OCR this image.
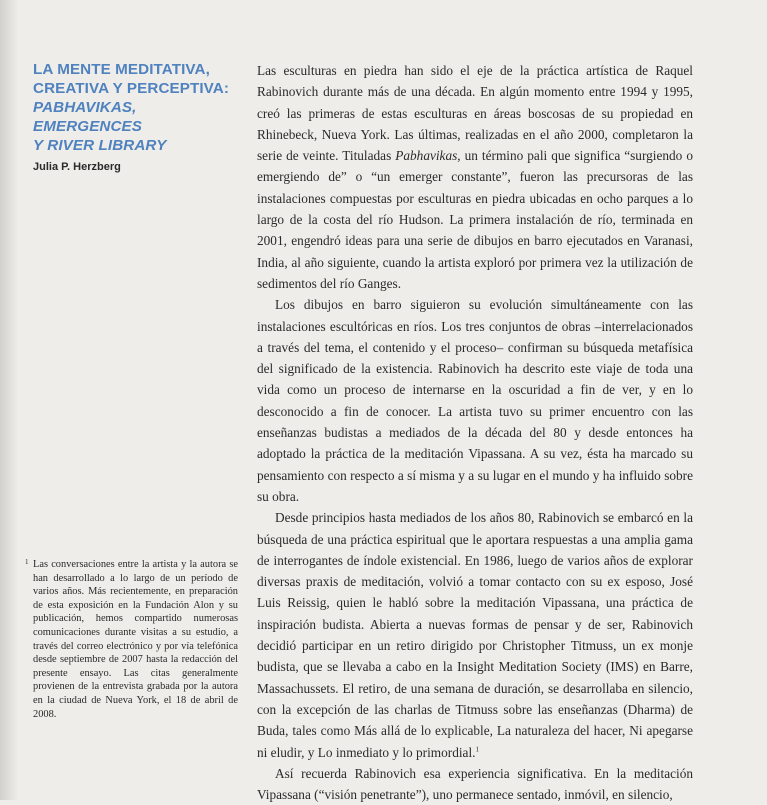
LA MENTE MEDITATIVA,
CREATIVA Y PERCEPTIVA:
PABHAVIKAS,
EMERGENCES
Y RIVER LIBRARY
Julia P. Herzberg
1 Las conversaciones entre la artista y la autora se han desarrollado a lo largo de un período de varios años. Más recientemente, en preparación de esta exposición en la Fundación Alon y su publicación, hemos compartido numerosas comunicaciones durante visitas a su estudio, a través del correo electrónico y por vía telefónica desde septiembre de 2007 hasta la redacción del presente ensayo. Las citas generalmente provienen de la entrevista grabada por la autora en la ciudad de Nueva York, el 18 de abril de 2008.

Las esculturas en piedra han sido el eje de la práctica artística de Raquel Rabinovich durante más de una década. En algún momento entre 1994 y 1995, creó las primeras de estas esculturas en áreas boscosas de su propiedad en Rhinebeck, Nueva York. Las últimas, realizadas en el año 2000, completaron la serie de veinte. Tituladas Pabhavikas, un término pali que significa “surgiendo o emergiendo de” o “un emerger constante”, fueron las precursoras de las instalaciones compuestas por esculturas en piedra ubicadas en ocho parques a lo largo de la costa del río Hudson. La primera instalación de río, terminada en 2001, engendró ideas para una serie de dibujos en barro ejecutados en Varanasi, India, al año siguiente, cuando la artista exploró por primera vez la utilización de sedimentos del río Ganges.

Los dibujos en barro siguieron su evolución simultáneamente con las instalaciones escultóricas en ríos. Los tres conjuntos de obras –interrelacionados a través del tema, el contenido y el proceso– confirman su búsqueda metafísica del significado de la existencia. Rabinovich ha descrito este viaje de toda una vida como un proceso de internarse en la oscuridad a fin de ver, y en lo desconocido a fin de conocer. La artista tuvo su primer encuentro con las enseñanzas budistas a mediados de la década del 80 y desde entonces ha adoptado la práctica de la meditación Vipassana. A su vez, ésta ha marcado su pensamiento con respecto a sí misma y a su lugar en el mundo y ha influido sobre su obra.

Desde principios hasta mediados de los años 80, Rabinovich se embarcó en la búsqueda de una práctica espiritual que le aportara respuestas a una amplia gama de interrogantes de índole existencial. En 1986, luego de varios años de explorar diversas praxis de meditación, volvió a tomar contacto con su ex esposo, José Luis Reissig, quien le habló sobre la meditación Vipassana, una práctica de inspiración budista. Abierta a nuevas formas de pensar y de ser, Rabinovich decidió participar en un retiro dirigido por Christopher Titmuss, un ex monje budista, que se llevaba a cabo en la Insight Meditation Society (IMS) en Barre, Massachussets. El retiro, de una semana de duración, se desarrollaba en silencio, con la excepción de las charlas de Titmuss sobre las enseñanzas (Dharma) de Buda, tales como Más allá de lo explicable, La naturaleza del hacer, Ni apegarse ni eludir, y Lo inmediato y lo primordial.$^1$

Así recuerda Rabinovich esa experiencia significativa. En la meditación Vipassana (“visión penetrante”), uno permanece sentado, inmóvil, en silencio,
